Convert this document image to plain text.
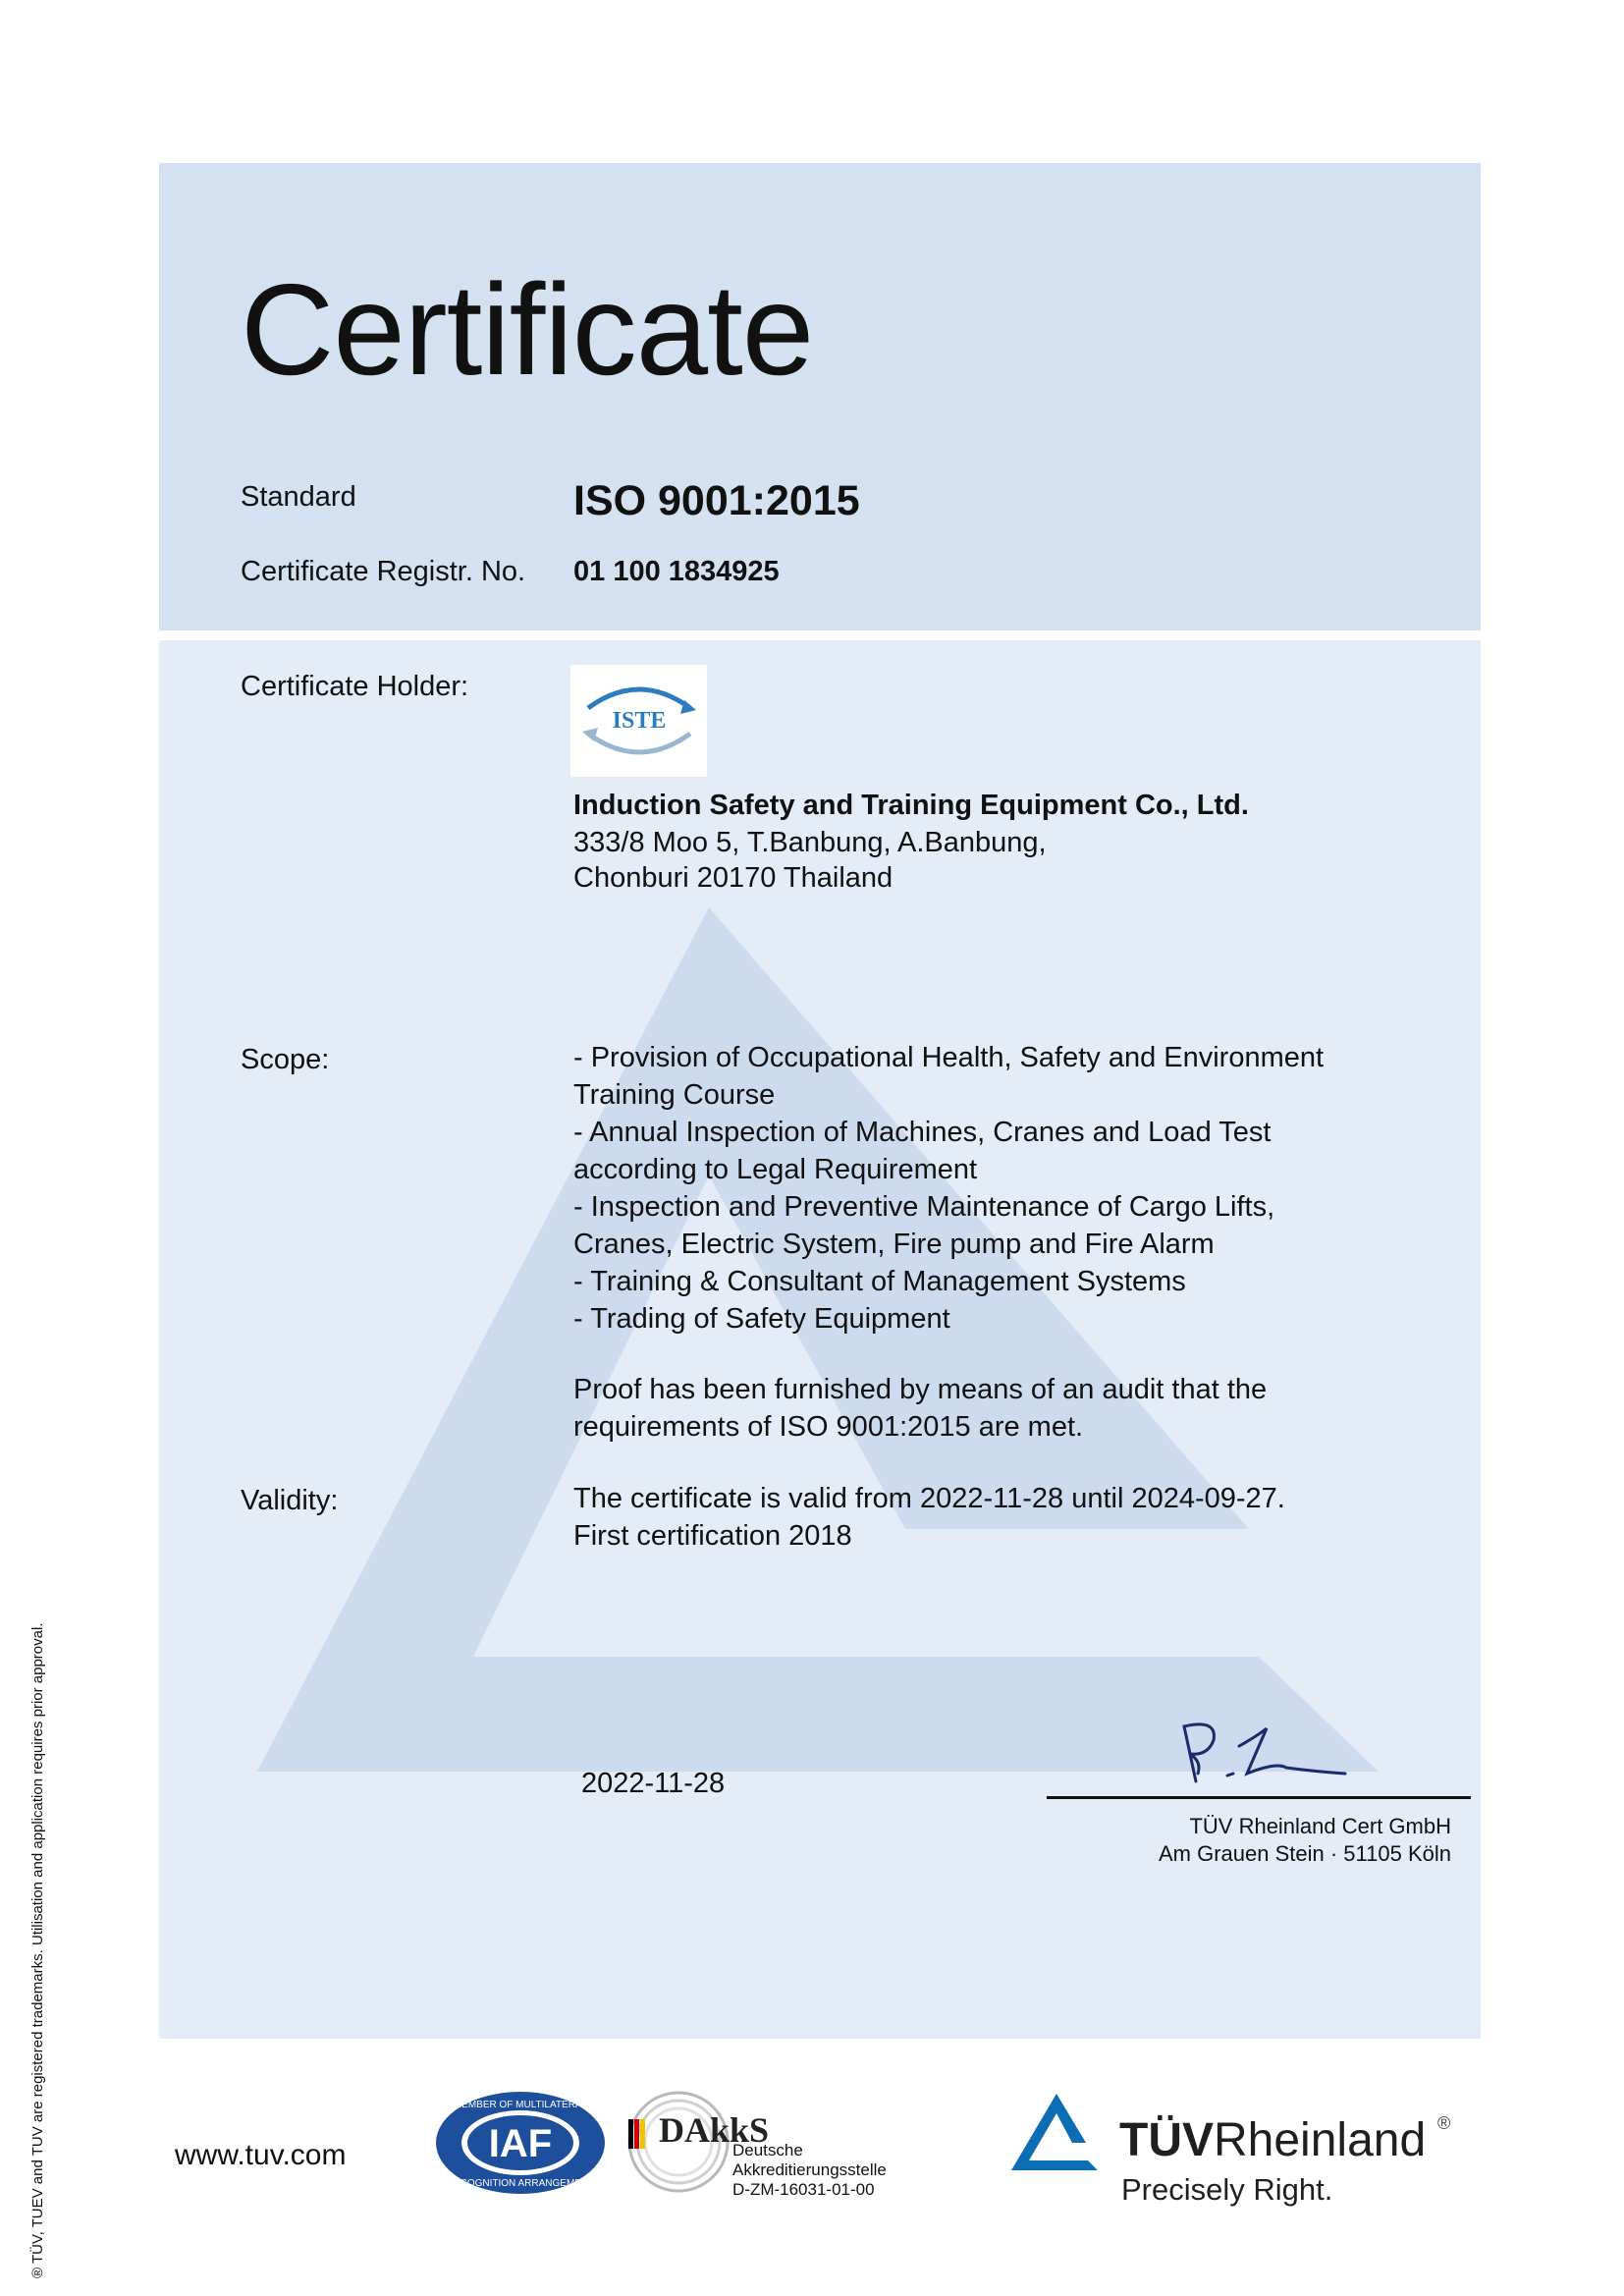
Certificate
Standard	ISO 9001:2015
Certificate Registr. No. 01 100 1834925
Certificate Holder:
ISTE
Induction Safety and Training Equipment Co., Ltd.
333/8 Moo 5, T.Banbung, A.Banbung,
Chonburi 20170 Thailand
Scope:	- Provision of Occupational Health, Safety and Environment
Training Course
- Annual Inspection of Machines, Cranes and Load Test
according to Legal Requirement
- Inspection and Preventive Maintenance of Cargo Lifts,
Cranes, Electric System, Fire pump and Fire Alarm
- Training & Consultant of Management Systems
- Trading of Safety Equipment
Proof has been furnished by means of an audit that the
requirements of ISO 9001:2015 are met.
Validity:	The certificate is valid from 2022-11-28 until 2024-09-27.
First certification 2018
2022-11-28
TÜV Rheinland Cert GmbH
Am Grauen Stein · 51105 Köln
® TÜV, TUEV and TUV are registered trademarks. Utilisation and application requires prior approval.	www.tuv.com	IAF
MEMBER OF MULTILATERAL
RECOGNITION ARRANGEMENT
DAkkS
Deutsche
Akkreditierungsstelle
D-ZM-16031-01-00
TÜVRheinland ®
Precisely Right.
